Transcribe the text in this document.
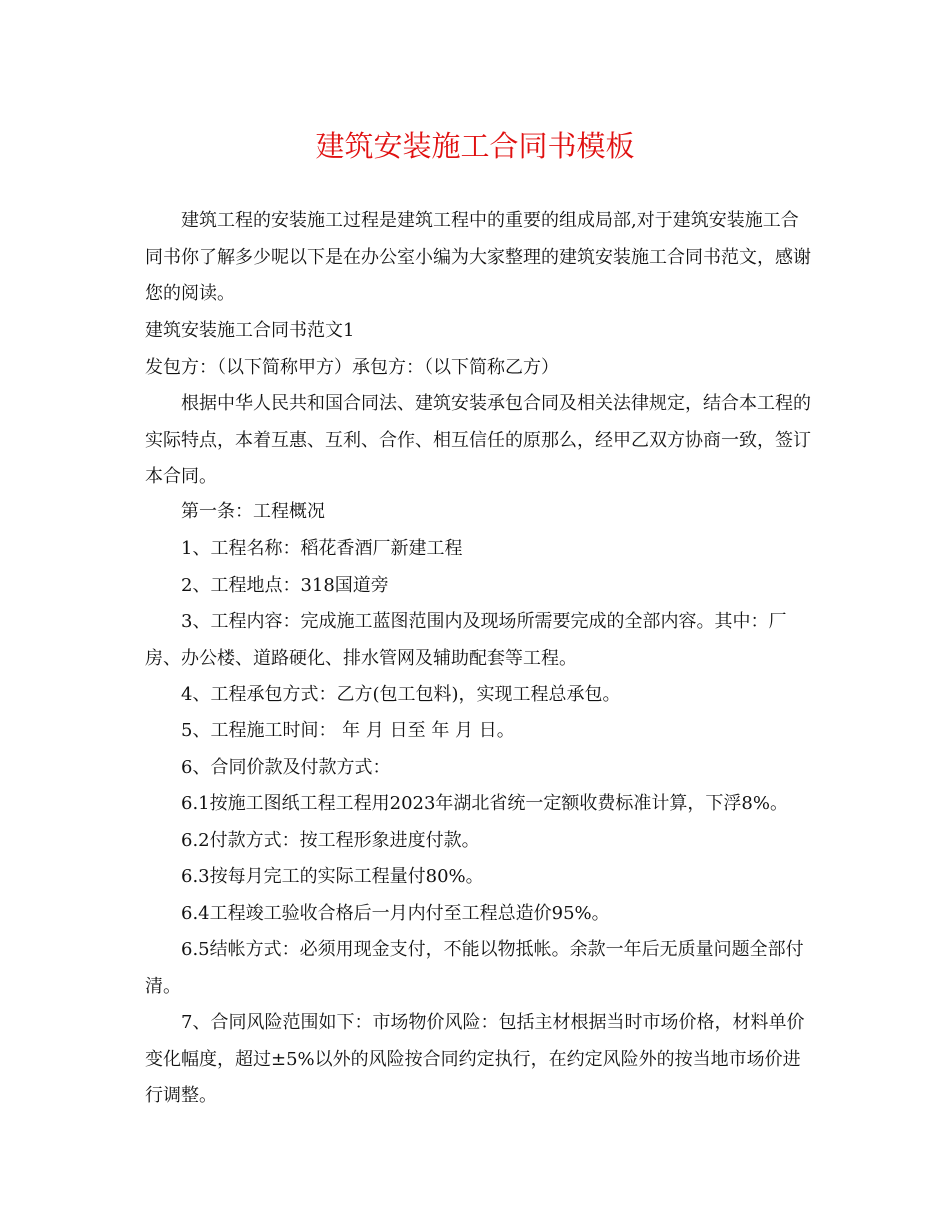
建筑安装施工合同书模板

建筑工程的安装施工过程是建筑工程中的重要的组成局部,对于建筑安装施工合同书你了解多少呢以下是在办公室小编为大家整理的建筑安装施工合同书范文，感谢您的阅读。

建筑安装施工合同书范文1发包方：（以下简称甲方）承包方：（以下简称乙方）

根据中华人民共和国合同法、建筑安装承包合同及相关法律规定，结合本工程的实际特点，本着互惠、互利、合作、相互信任的原那么，经甲乙双方协商一致，签订本合同。

第一条：工程概况

1、工程名称：稻花香酒厂新建工程

2、工程地点：318国道旁

3、工程内容：完成施工蓝图范围内及现场所需要完成的全部内容。其中：厂房、办公楼、道路硬化、排水管网及辅助配套等工程。

4、工程承包方式：乙方(包工包料)，实现工程总承包。

5、工程施工时间： 年 月 日至 年 月 日。

6、合同价款及付款方式：

6.1按施工图纸工程工程用2023年湖北省统一定额收费标准计算，下浮8%。

6.2付款方式：按工程形象进度付款。

6.3按每月完工的实际工程量付80%。

6.4工程竣工验收合格后一月内付至工程总造价95%。

6.5结帐方式：必须用现金支付，不能以物抵帐。余款一年后无质量问题全部付清。

7、合同风险范围如下：市场物价风险：包括主材根据当时市场价格，材料单价变化幅度，超过±5%以外的风险按合同约定执行，在约定风险外的按当地市场价进行调整。
